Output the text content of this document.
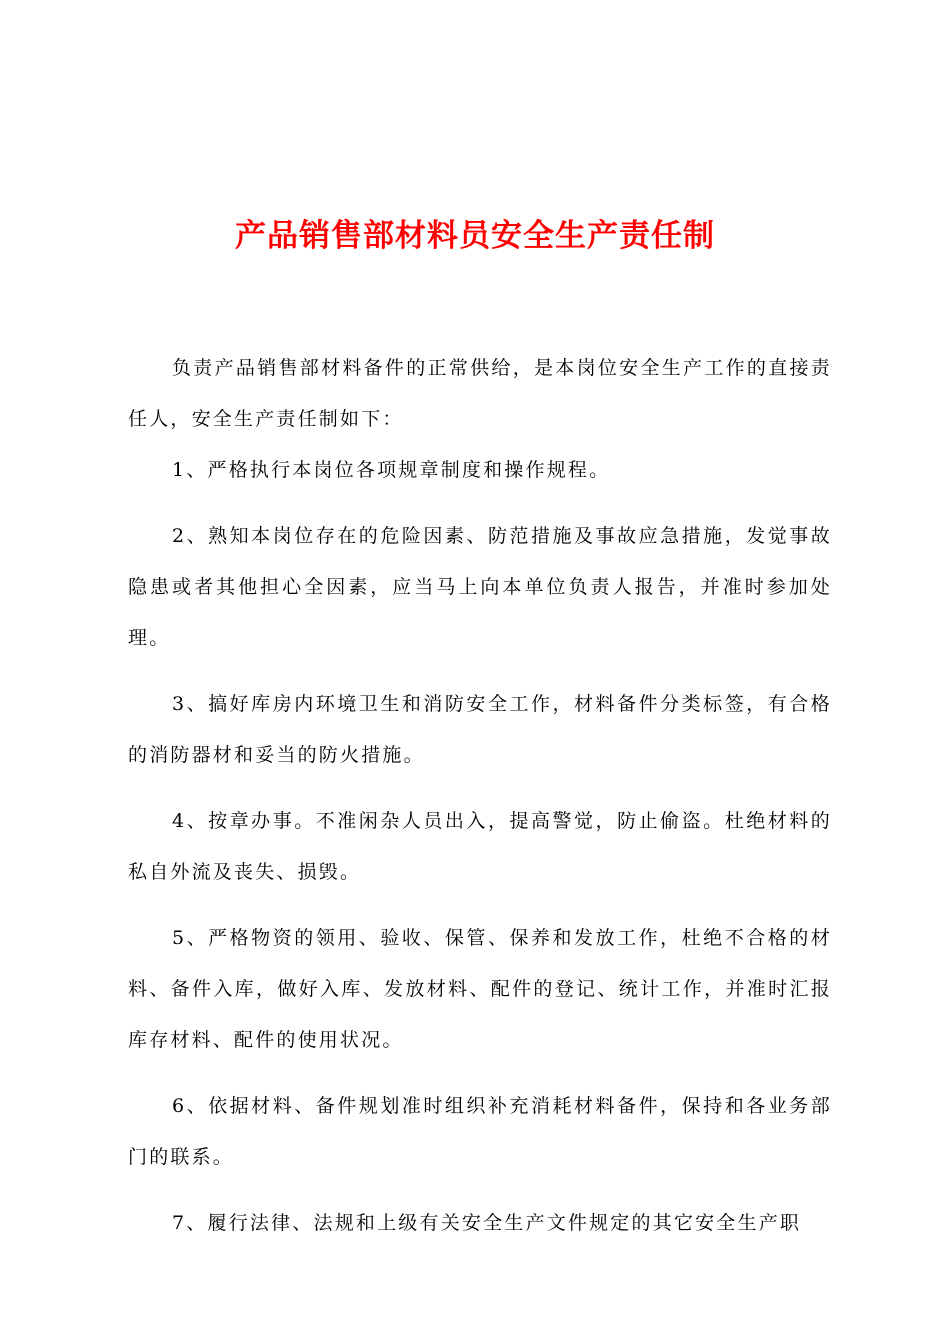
产品销售部材料员安全生产责任制

负责产品销售部材料备件的正常供给，是本岗位安全生产工作的直接责任人，安全生产责任制如下：

1、严格执行本岗位各项规章制度和操作规程。

2、熟知本岗位存在的危险因素、防范措施及事故应急措施，发觉事故隐患或者其他担心全因素，应当马上向本单位负责人报告，并准时参加处理。

3、搞好库房内环境卫生和消防安全工作，材料备件分类标签，有合格的消防器材和妥当的防火措施。

4、按章办事。不准闲杂人员出入，提高警觉，防止偷盗。杜绝材料的私自外流及丧失、损毁。

5、严格物资的领用、验收、保管、保养和发放工作，杜绝不合格的材料、备件入库，做好入库、发放材料、配件的登记、统计工作，并准时汇报库存材料、配件的使用状况。

6、依据材料、备件规划准时组织补充消耗材料备件，保持和各业务部门的联系。

7、履行法律、法规和上级有关安全生产文件规定的其它安全生产职
